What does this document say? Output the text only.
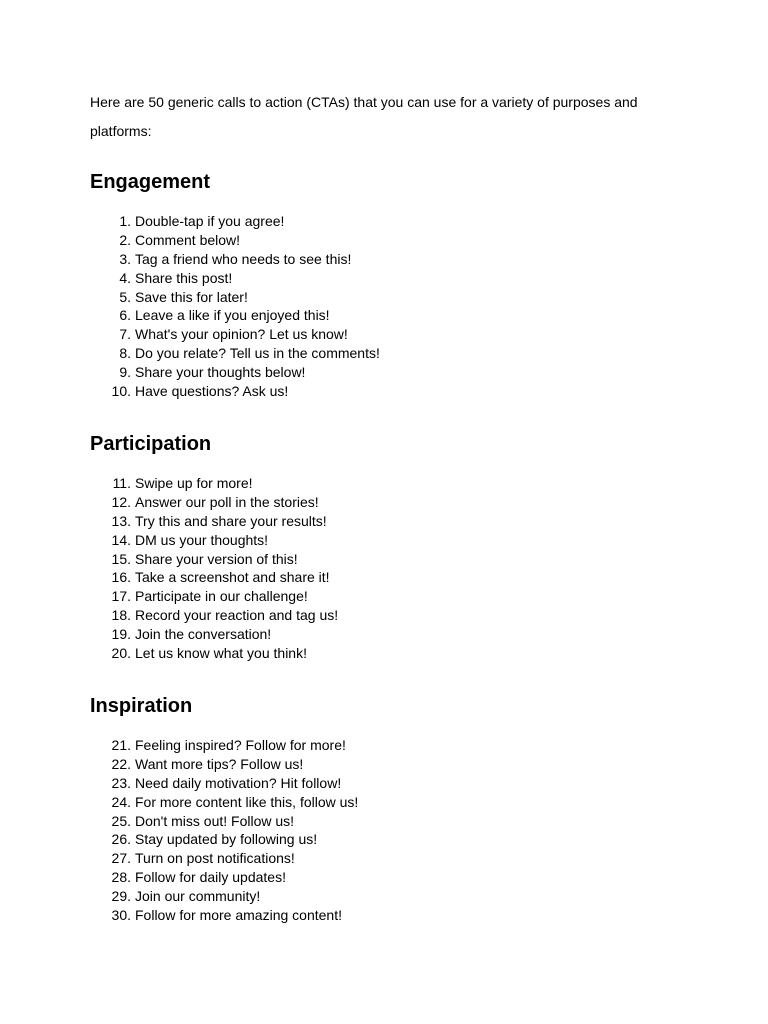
Here are 50 generic calls to action (CTAs) that you can use for a variety of purposes and platforms:

Engagement
1. Double-tap if you agree!
2. Comment below!
3. Tag a friend who needs to see this!
4. Share this post!
5. Save this for later!
6. Leave a like if you enjoyed this!
7. What's your opinion? Let us know!
8. Do you relate? Tell us in the comments!
9. Share your thoughts below!
10. Have questions? Ask us!
Participation
11. Swipe up for more!
12. Answer our poll in the stories!
13. Try this and share your results!
14. DM us your thoughts!
15. Share your version of this!
16. Take a screenshot and share it!
17. Participate in our challenge!
18. Record your reaction and tag us!
19. Join the conversation!
20. Let us know what you think!
Inspiration
21. Feeling inspired? Follow for more!
22. Want more tips? Follow us!
23. Need daily motivation? Hit follow!
24. For more content like this, follow us!
25. Don't miss out! Follow us!
26. Stay updated by following us!
27. Turn on post notifications!
28. Follow for daily updates!
29. Join our community!
30. Follow for more amazing content!
